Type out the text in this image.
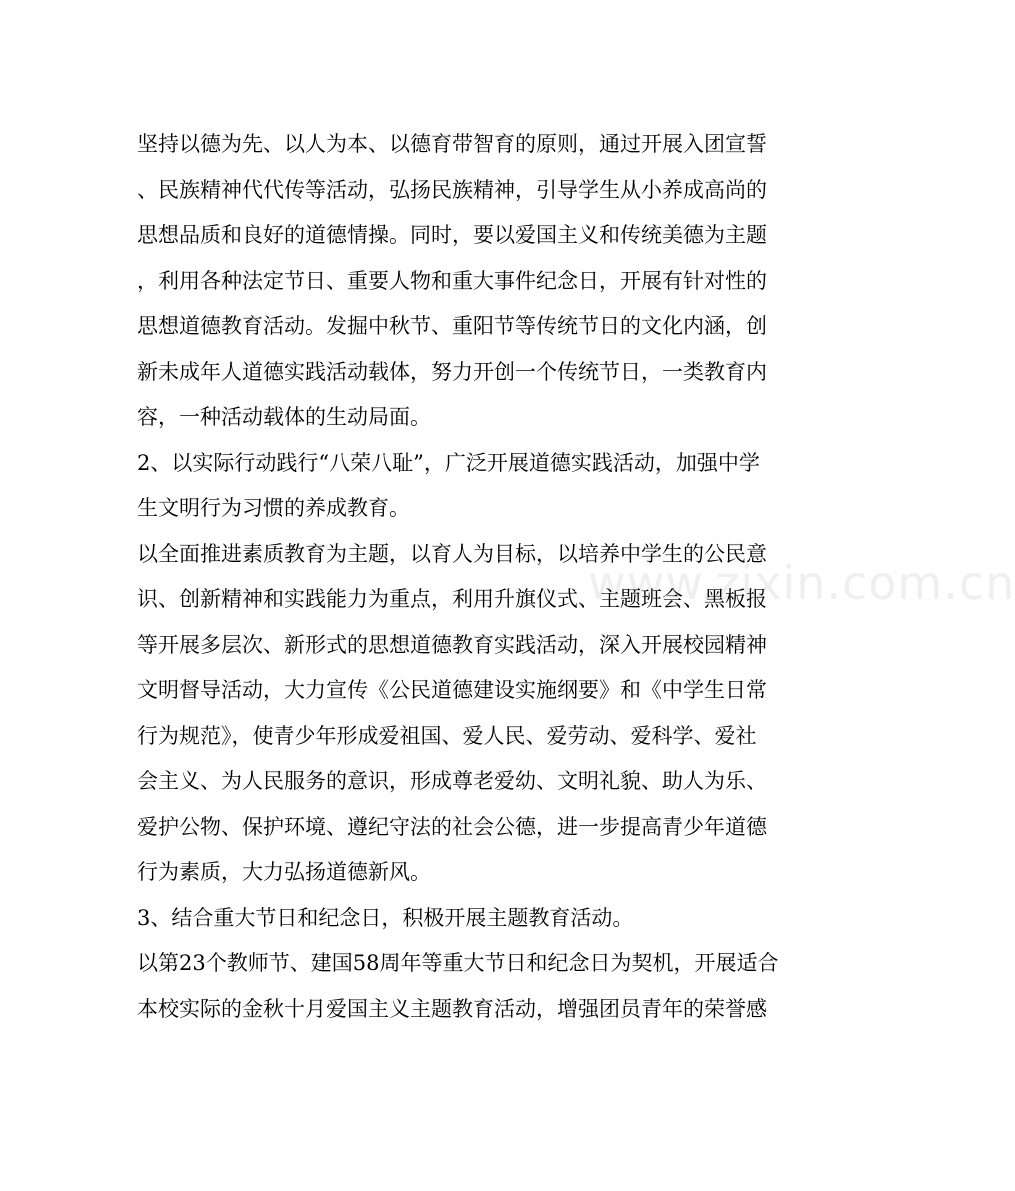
www.zixin.com.cn
坚持以德为先、以人为本、以德育带智育的原则，通过开展入团宣誓
、民族精神代代传等活动，弘扬民族精神，引导学生从小养成高尚的
思想品质和良好的道德情操。同时，要以爱国主义和传统美德为主题
，利用各种法定节日、重要人物和重大事件纪念日，开展有针对性的
思想道德教育活动。发掘中秋节、重阳节等传统节日的文化内涵，创
新未成年人道德实践活动载体，努力开创一个传统节日，一类教育内
容，一种活动载体的生动局面。
2、以实际行动践行“八荣八耻”，广泛开展道德实践活动，加强中学
生文明行为习惯的养成教育。
以全面推进素质教育为主题，以育人为目标，以培养中学生的公民意
识、创新精神和实践能力为重点，利用升旗仪式、主题班会、黑板报
等开展多层次、新形式的思想道德教育实践活动，深入开展校园精神
文明督导活动，大力宣传《公民道德建设实施纲要》和《中学生日常
行为规范》，使青少年形成爱祖国、爱人民、爱劳动、爱科学、爱社
会主义、为人民服务的意识，形成尊老爱幼、文明礼貌、助人为乐、
爱护公物、保护环境、遵纪守法的社会公德，进一步提高青少年道德
行为素质，大力弘扬道德新风。
3、结合重大节日和纪念日，积极开展主题教育活动。
以第23个教师节、建国58周年等重大节日和纪念日为契机，开展适合
本校实际的金秋十月爱国主义主题教育活动，增强团员青年的荣誉感
